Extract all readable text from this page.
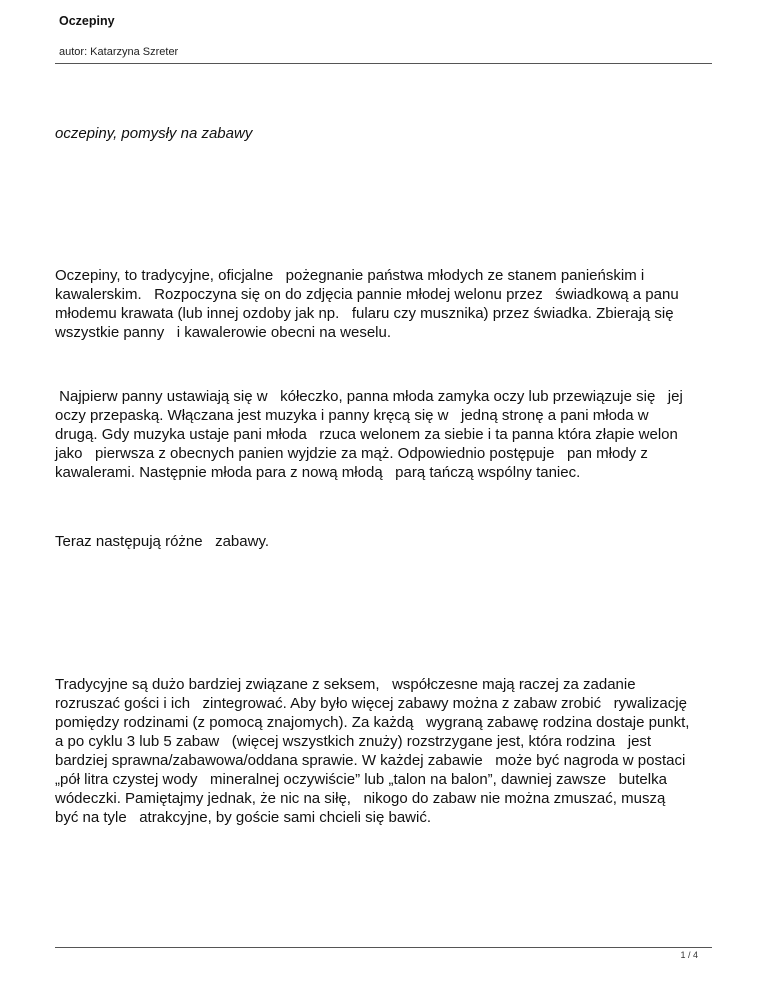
Oczepiny
autor: Katarzyna Szreter
oczepiny, pomysły na zabawy

Oczepiny, to tradycyjne, oficjalne   pożegnanie państwa młodych ze stanem panieńskim i
kawalerskim.   Rozpoczyna się on do zdjęcia pannie młodej welonu przez   świadkową a panu
młodemu krawata (lub innej ozdoby jak np.   fularu czy musznika) przez świadka. Zbierają się
wszystkie panny   i kawalerowie obecni na weselu.

Najpierw panny ustawiają się w   kółeczko, panna młoda zamyka oczy lub przewiązuje się   jej
oczy przepaską. Włączana jest muzyka i panny kręcą się w   jedną stronę a pani młoda w
drugą. Gdy muzyka ustaje pani młoda   rzuca welonem za siebie i ta panna która złapie welon
jako   pierwsza z obecnych panien wyjdzie za mąż. Odpowiednio postępuje   pan młody z
kawalerami. Następnie młoda para z nową młodą   parą tańczą wspólny taniec.

Teraz następują różne   zabawy.

Tradycyjne są dużo bardziej związane z seksem,   współczesne mają raczej za zadanie
rozruszać gości i ich   zintegrować. Aby było więcej zabawy można z zabaw zrobić   rywalizację
pomiędzy rodzinami (z pomocą znajomych). Za każdą   wygraną zabawę rodzina dostaje punkt,
a po cyklu 3 lub 5 zabaw   (więcej wszystkich znuży) rozstrzygane jest, która rodzina   jest
bardziej sprawna/zabawowa/oddana sprawie. W każdej zabawie   może być nagroda w postaci
„pół litra czystej wody   mineralnej oczywiście” lub „talon na balon”, dawniej zawsze   butelka
wódeczki. Pamiętajmy jednak, że nic na siłę,   nikogo do zabaw nie można zmuszać, muszą
być na tyle   atrakcyjne, by goście sami chcieli się bawić.

1 / 4
